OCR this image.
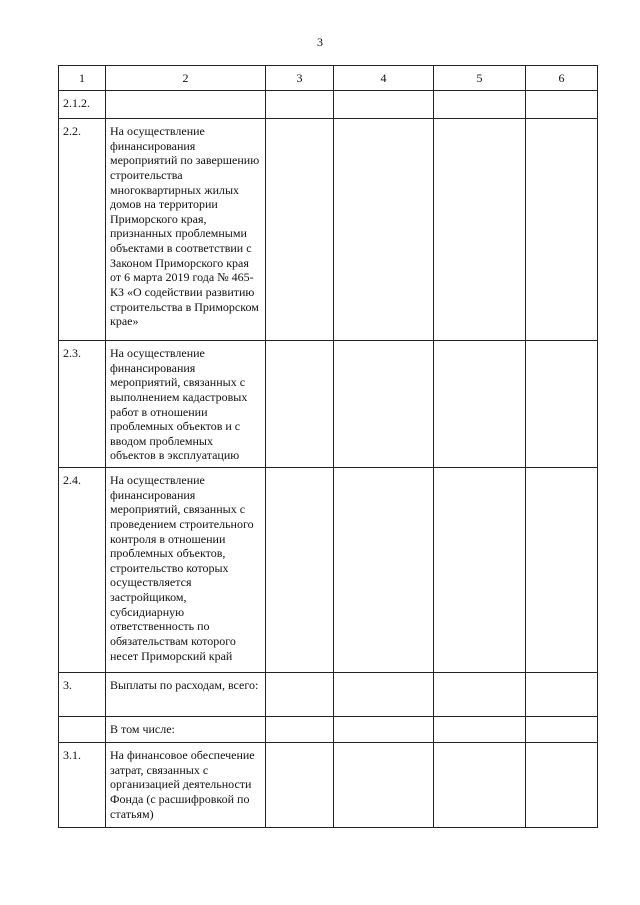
3
1	2	3	4	5	6
2.1.2.					
2.2.	На осуществление финансирования мероприятий по завершению строительства многоквартирных жилых домов на территории Приморского края, признанных проблемными объектами в соответствии с Законом Приморского края от 6 марта 2019 года № 465-КЗ «О содействии развитию строительства в Приморском крае»				
2.3.	На осуществление финансирования мероприятий, связанных с выполнением кадастровых работ в отношении проблемных объектов и с вводом проблемных объектов в эксплуатацию				
2.4.	На осуществление финансирования мероприятий, связанных с проведением строительного контроля в отношении проблемных объектов, строительство которых осуществляется застройщиком, субсидиарную ответственность по обязательствам которого несет Приморский край				
3.	Выплаты по расходам, всего:				
	В том числе:				
3.1.	На финансовое обеспечение затрат, связанных с организацией деятельности Фонда (с расшифровкой по статьям)				
